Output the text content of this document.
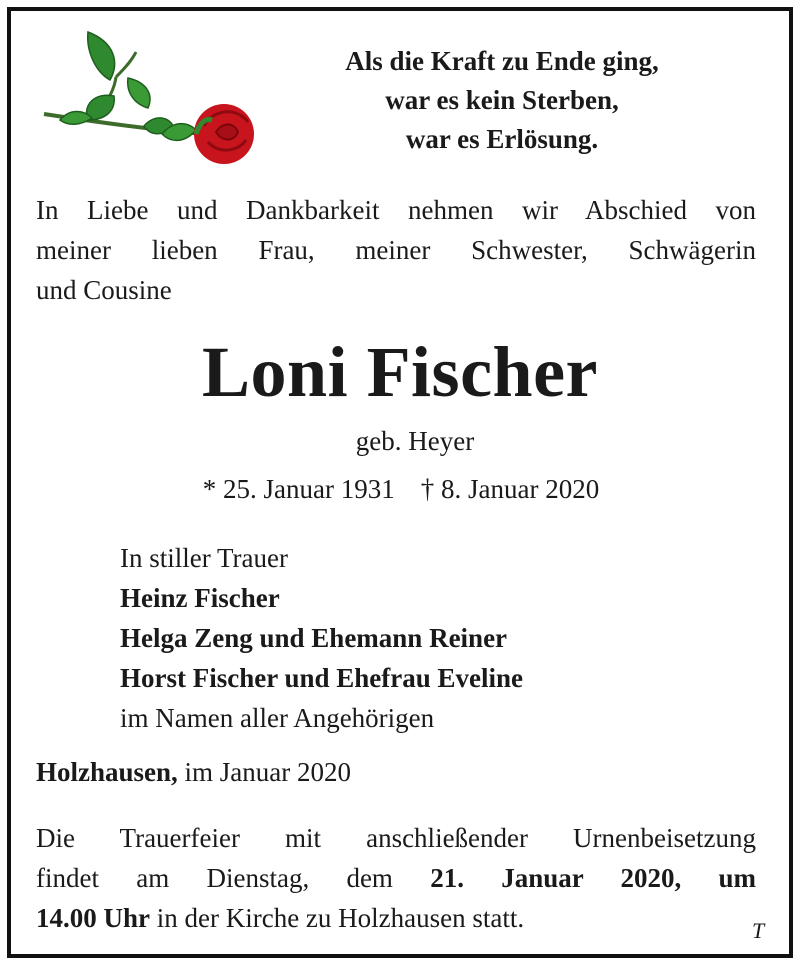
Als die Kraft zu Ende ging,
war es kein Sterben,
war es Erlösung.
In Liebe und Dankbarkeit nehmen wir Abschied von
meiner lieben Frau, meiner Schwester, Schwägerin
und Cousine
Loni Fischer
geb. Heyer
* 25. Januar 1931 † 8. Januar 2020
In stiller Trauer
Heinz Fischer
Helga Zeng und Ehemann Reiner
Horst Fischer und Ehefrau Eveline
im Namen aller Angehörigen
Holzhausen, im Januar 2020
Die Trauerfeier mit anschließender Urnenbeisetzung
findet am Dienstag, dem 21. Januar 2020, um
14.00 Uhr in der Kirche zu Holzhausen statt.	T
